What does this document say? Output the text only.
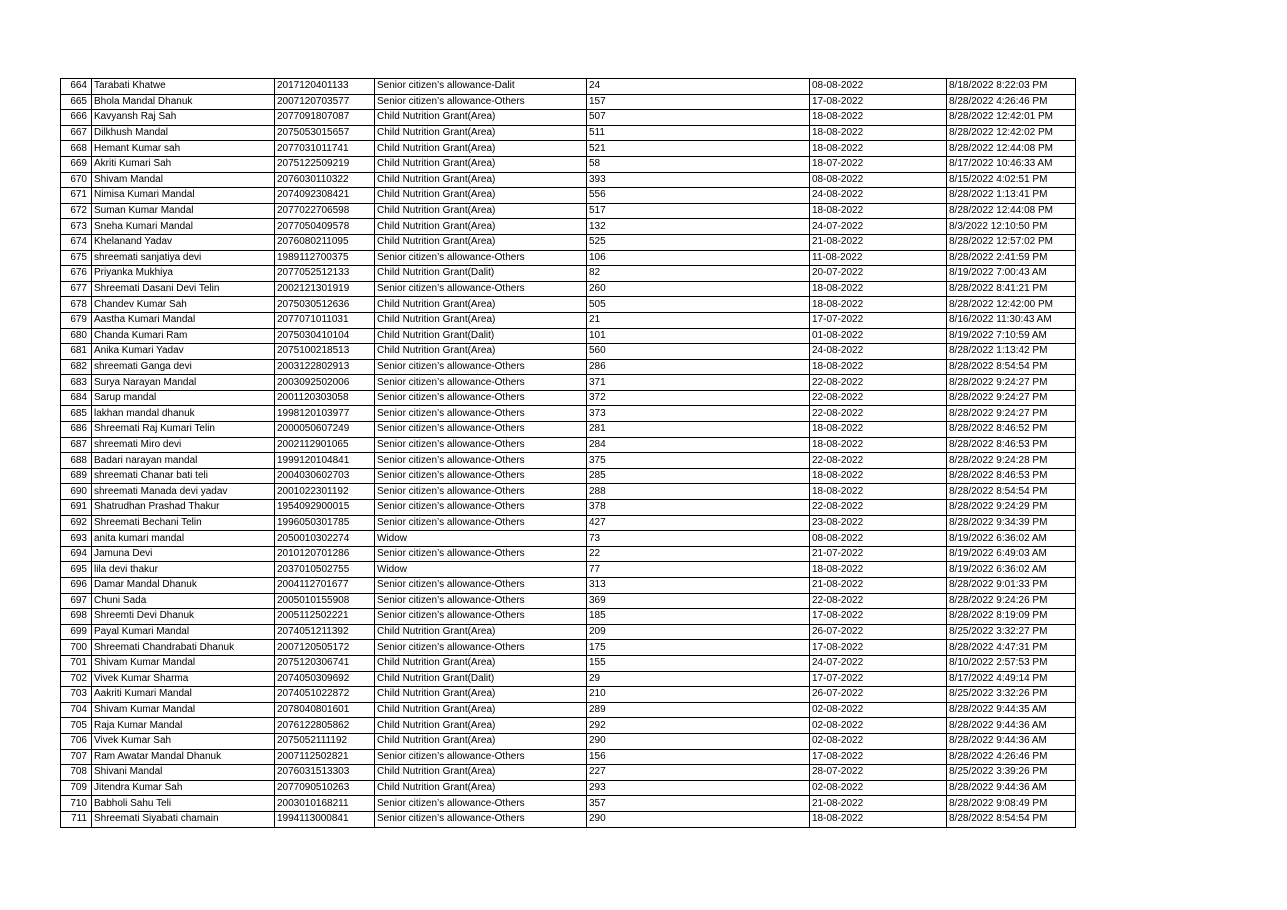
664	Tarabati Khatwe	2017120401133	Senior citizen’s allowance-Dalit	24	08-08-2022	8/18/2022 8:22:03 PM
665	Bhola Mandal Dhanuk	2007120703577	Senior citizen’s allowance-Others	157	17-08-2022	8/28/2022 4:26:46 PM
666	Kavyansh Raj Sah	2077091807087	Child Nutrition Grant(Area)	507	18-08-2022	8/28/2022 12:42:01 PM
667	Dilkhush Mandal	2075053015657	Child Nutrition Grant(Area)	511	18-08-2022	8/28/2022 12:42:02 PM
668	Hemant Kumar sah	2077031011741	Child Nutrition Grant(Area)	521	18-08-2022	8/28/2022 12:44:08 PM
669	Akriti Kumari Sah	2075122509219	Child Nutrition Grant(Area)	58	18-07-2022	8/17/2022 10:46:33 AM
670	Shivam Mandal	2076030110322	Child Nutrition Grant(Area)	393	08-08-2022	8/15/2022 4:02:51 PM
671	Nimisa Kumari Mandal	2074092308421	Child Nutrition Grant(Area)	556	24-08-2022	8/28/2022 1:13:41 PM
672	Suman Kumar Mandal	2077022706598	Child Nutrition Grant(Area)	517	18-08-2022	8/28/2022 12:44:08 PM
673	Sneha Kumari Mandal	2077050409578	Child Nutrition Grant(Area)	132	24-07-2022	8/3/2022 12:10:50 PM
674	Khelanand Yadav	2076080211095	Child Nutrition Grant(Area)	525	21-08-2022	8/28/2022 12:57:02 PM
675	shreemati sanjatiya devi	1989112700375	Senior citizen’s allowance-Others	106	11-08-2022	8/28/2022 2:41:59 PM
676	Priyanka Mukhiya	2077052512133	Child Nutrition Grant(Dalit)	82	20-07-2022	8/19/2022 7:00:43 AM
677	Shreemati Dasani Devi Telin	2002121301919	Senior citizen’s allowance-Others	260	18-08-2022	8/28/2022 8:41:21 PM
678	Chandev Kumar Sah	2075030512636	Child Nutrition Grant(Area)	505	18-08-2022	8/28/2022 12:42:00 PM
679	Aastha Kumari Mandal	2077071011031	Child Nutrition Grant(Area)	21	17-07-2022	8/16/2022 11:30:43 AM
680	Chanda Kumari Ram	2075030410104	Child Nutrition Grant(Dalit)	101	01-08-2022	8/19/2022 7:10:59 AM
681	Anika Kumari Yadav	2075100218513	Child Nutrition Grant(Area)	560	24-08-2022	8/28/2022 1:13:42 PM
682	shreemati Ganga devi	2003122802913	Senior citizen’s allowance-Others	286	18-08-2022	8/28/2022 8:54:54 PM
683	Surya Narayan Mandal	2003092502006	Senior citizen’s allowance-Others	371	22-08-2022	8/28/2022 9:24:27 PM
684	Sarup mandal	2001120303058	Senior citizen’s allowance-Others	372	22-08-2022	8/28/2022 9:24:27 PM
685	lakhan mandal dhanuk	1998120103977	Senior citizen’s allowance-Others	373	22-08-2022	8/28/2022 9:24:27 PM
686	Shreemati Raj Kumari Telin	2000050607249	Senior citizen’s allowance-Others	281	18-08-2022	8/28/2022 8:46:52 PM
687	shreemati Miro devi	2002112901065	Senior citizen’s allowance-Others	284	18-08-2022	8/28/2022 8:46:53 PM
688	Badari narayan mandal	1999120104841	Senior citizen’s allowance-Others	375	22-08-2022	8/28/2022 9:24:28 PM
689	shreemati Chanar bati teli	2004030602703	Senior citizen’s allowance-Others	285	18-08-2022	8/28/2022 8:46:53 PM
690	shreemati Manada devi yadav	2001022301192	Senior citizen’s allowance-Others	288	18-08-2022	8/28/2022 8:54:54 PM
691	Shatrudhan Prashad Thakur	1954092900015	Senior citizen’s allowance-Others	378	22-08-2022	8/28/2022 9:24:29 PM
692	Shreemati Bechani Telin	1996050301785	Senior citizen’s allowance-Others	427	23-08-2022	8/28/2022 9:34:39 PM
693	anita kumari mandal	2050010302274	Widow	73	08-08-2022	8/19/2022 6:36:02 AM
694	Jamuna Devi	2010120701286	Senior citizen’s allowance-Others	22	21-07-2022	8/19/2022 6:49:03 AM
695	lila devi thakur	2037010502755	Widow	77	18-08-2022	8/19/2022 6:36:02 AM
696	Damar Mandal Dhanuk	2004112701677	Senior citizen’s allowance-Others	313	21-08-2022	8/28/2022 9:01:33 PM
697	Chuni Sada	2005010155908	Senior citizen’s allowance-Others	369	22-08-2022	8/28/2022 9:24:26 PM
698	Shreemti Devi Dhanuk	2005112502221	Senior citizen’s allowance-Others	185	17-08-2022	8/28/2022 8:19:09 PM
699	Payal Kumari Mandal	2074051211392	Child Nutrition Grant(Area)	209	26-07-2022	8/25/2022 3:32:27 PM
700	Shreemati Chandrabati Dhanuk	2007120505172	Senior citizen’s allowance-Others	175	17-08-2022	8/28/2022 4:47:31 PM
701	Shivam Kumar Mandal	2075120306741	Child Nutrition Grant(Area)	155	24-07-2022	8/10/2022 2:57:53 PM
702	Vivek Kumar Sharma	2074050309692	Child Nutrition Grant(Dalit)	29	17-07-2022	8/17/2022 4:49:14 PM
703	Aakriti Kumari Mandal	2074051022872	Child Nutrition Grant(Area)	210	26-07-2022	8/25/2022 3:32:26 PM
704	Shivam Kumar Mandal	2078040801601	Child Nutrition Grant(Area)	289	02-08-2022	8/28/2022 9:44:35 AM
705	Raja Kumar Mandal	2076122805862	Child Nutrition Grant(Area)	292	02-08-2022	8/28/2022 9:44:36 AM
706	Vivek Kumar Sah	2075052111192	Child Nutrition Grant(Area)	290	02-08-2022	8/28/2022 9:44:36 AM
707	Ram Awatar Mandal Dhanuk	2007112502821	Senior citizen’s allowance-Others	156	17-08-2022	8/28/2022 4:26:46 PM
708	Shivani Mandal	2076031513303	Child Nutrition Grant(Area)	227	28-07-2022	8/25/2022 3:39:26 PM
709	Jitendra Kumar Sah	2077090510263	Child Nutrition Grant(Area)	293	02-08-2022	8/28/2022 9:44:36 AM
710	Babholi Sahu Teli	2003010168211	Senior citizen’s allowance-Others	357	21-08-2022	8/28/2022 9:08:49 PM
711	Shreemati Siyabati chamain	1994113000841	Senior citizen’s allowance-Others	290	18-08-2022	8/28/2022 8:54:54 PM
